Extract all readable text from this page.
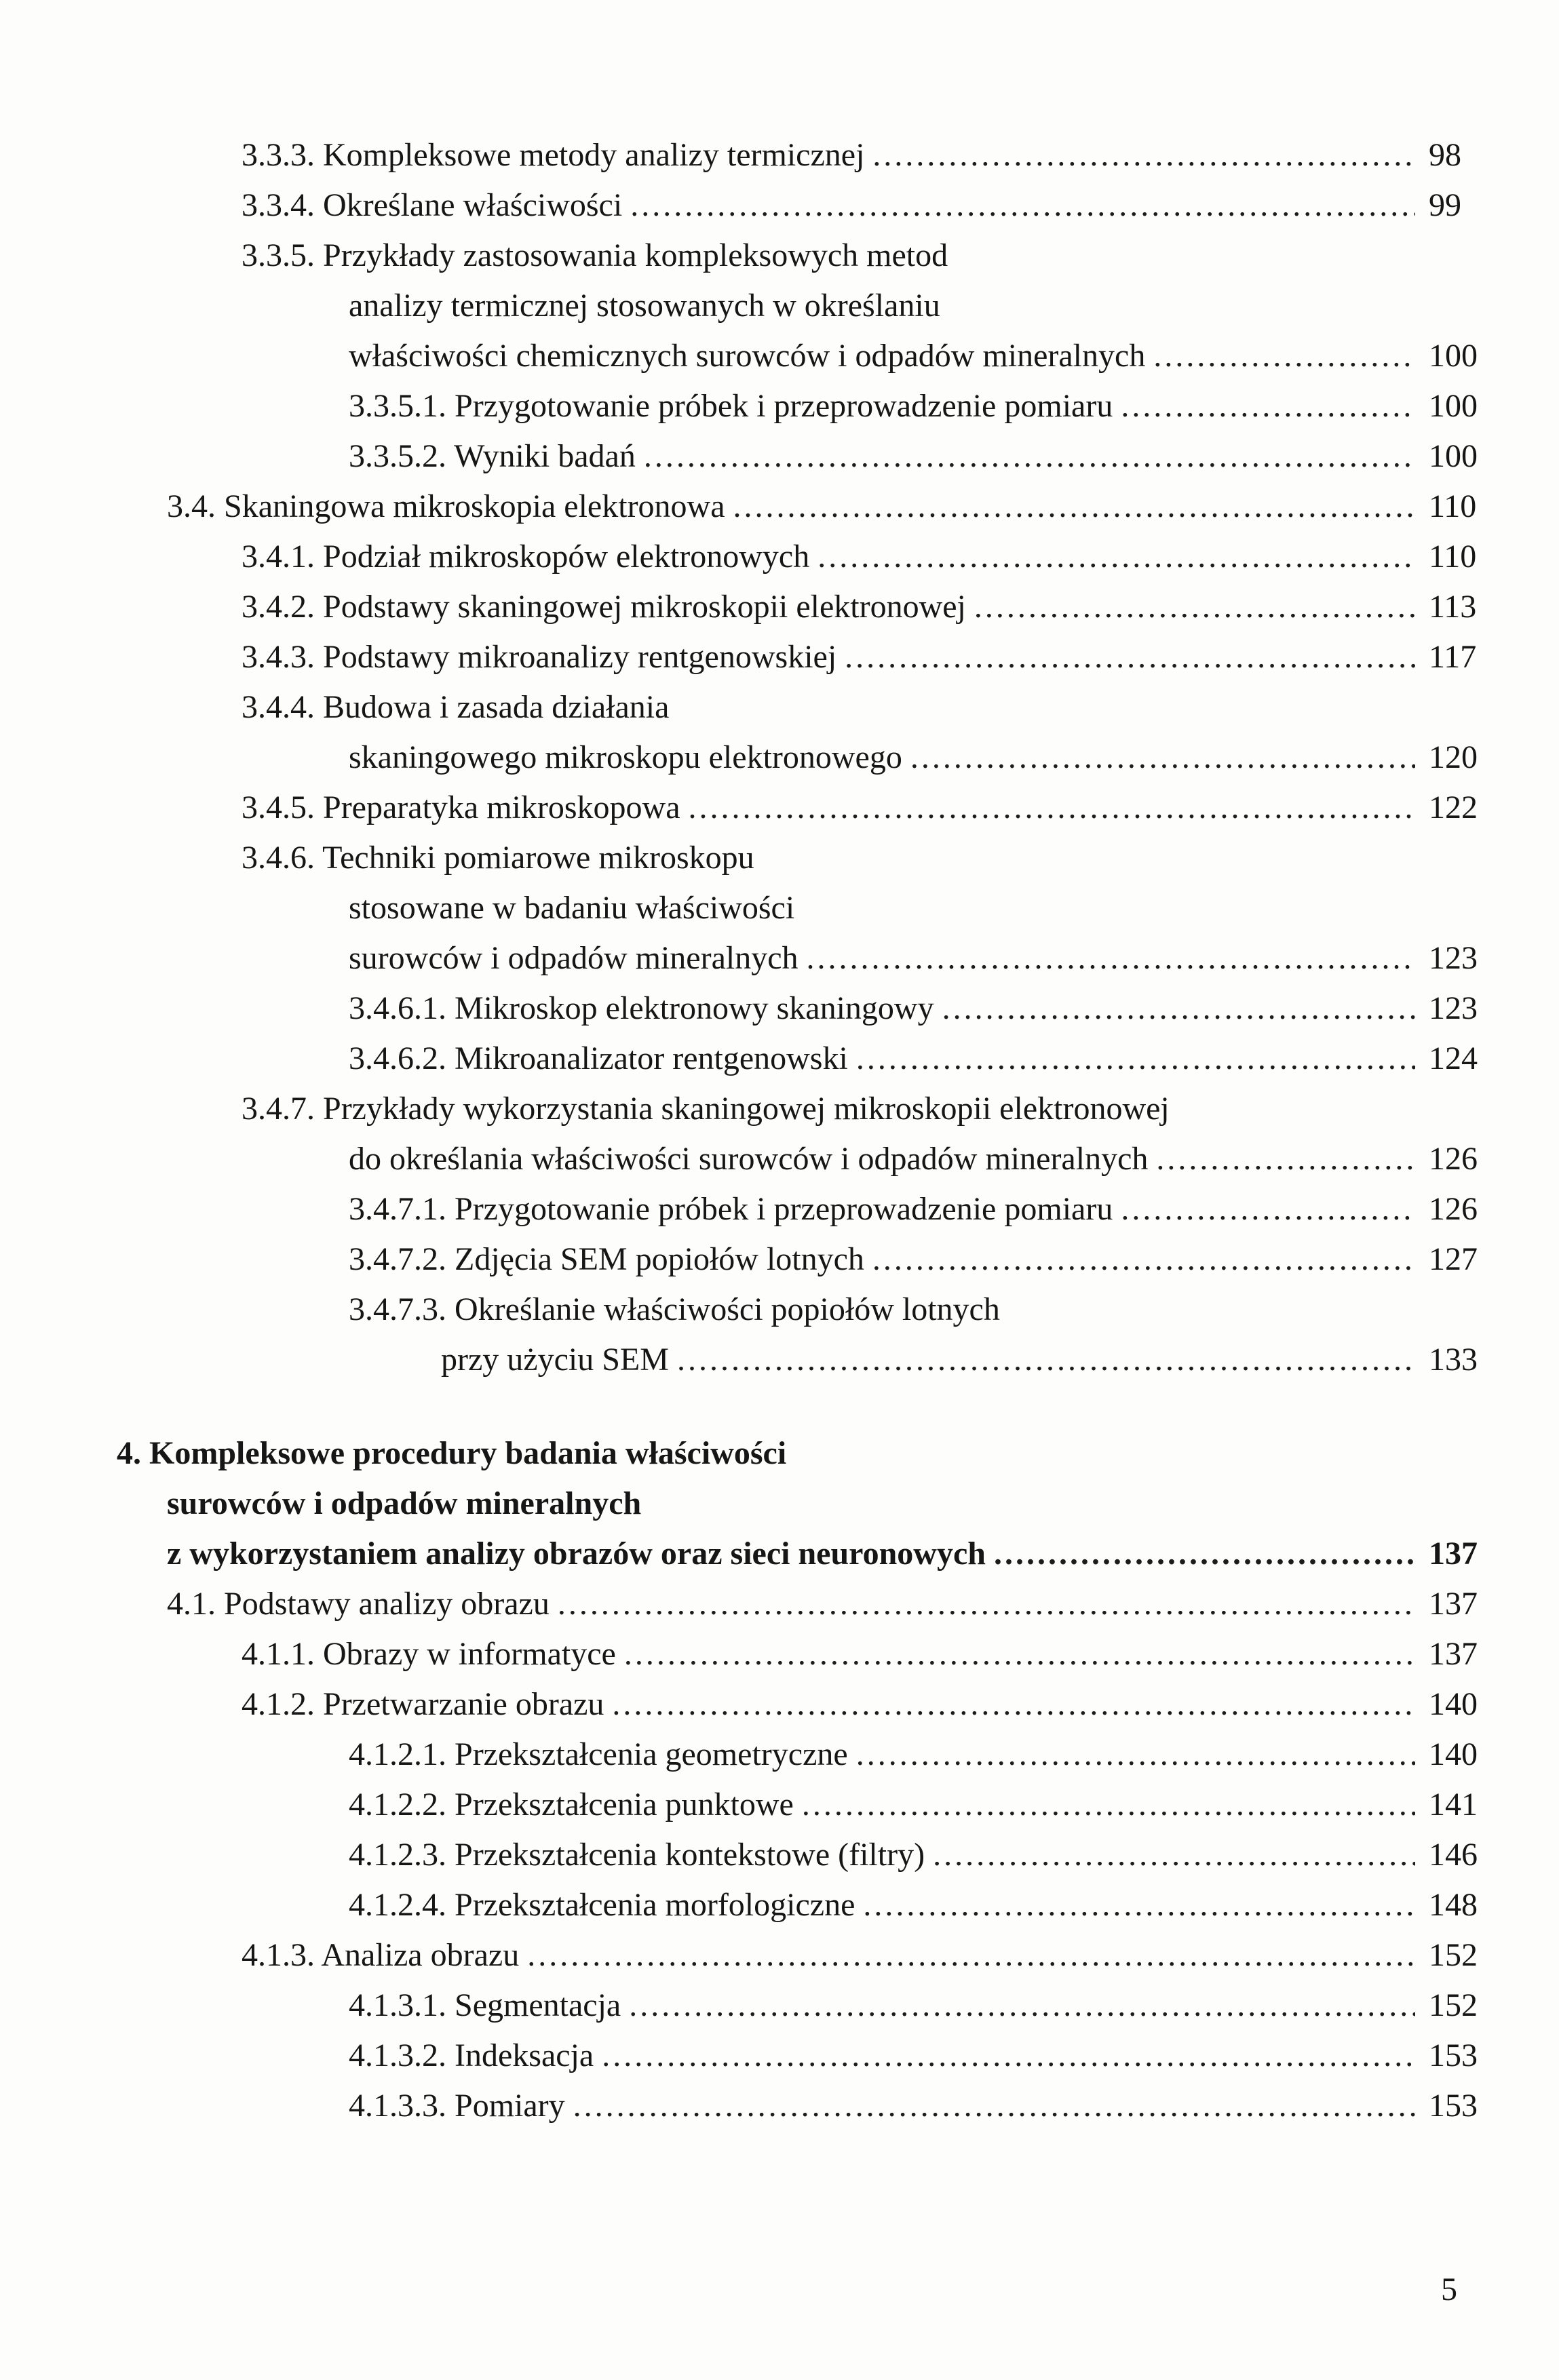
3.3.3. Kompleksowe metody analizy termicznej .....	98
3.3.4. Określane właściwości .....	99
3.3.5. Przykłady zastosowania kompleksowych metod
analizy termicznej stosowanych w określaniu
właściwości chemicznych surowców i odpadów mineralnych .....	100
3.3.5.1. Przygotowanie próbek i przeprowadzenie pomiaru .....	100
3.3.5.2. Wyniki badań .....	100
3.4. Skaningowa mikroskopia elektronowa .....	110
3.4.1. Podział mikroskopów elektronowych .....	110
3.4.2. Podstawy skaningowej mikroskopii elektronowej .....	113
3.4.3. Podstawy mikroanalizy rentgenowskiej .....	117
3.4.4. Budowa i zasada działania
skaningowego mikroskopu elektronowego .....	120
3.4.5. Preparatyka mikroskopowa .....	122
3.4.6. Techniki pomiarowe mikroskopu
stosowane w badaniu właściwości
surowców i odpadów mineralnych .....	123
3.4.6.1. Mikroskop elektronowy skaningowy .....	123
3.4.6.2. Mikroanalizator rentgenowski .....	124
3.4.7. Przykłady wykorzystania skaningowej mikroskopii elektronowej
do określania właściwości surowców i odpadów mineralnych .....	126
3.4.7.1. Przygotowanie próbek i przeprowadzenie pomiaru .....	126
3.4.7.2. Zdjęcia SEM popiołów lotnych .....	127
3.4.7.3. Określanie właściwości popiołów lotnych
przy użyciu SEM .....	133
4. Kompleksowe procedury badania właściwości
surowców i odpadów mineralnych
z wykorzystaniem analizy obrazów oraz sieci neuronowych .....	137
4.1. Podstawy analizy obrazu .....	137
4.1.1. Obrazy w informatyce .....	137
4.1.2. Przetwarzanie obrazu .....	140
4.1.2.1. Przekształcenia geometryczne .....	140
4.1.2.2. Przekształcenia punktowe .....	141
4.1.2.3. Przekształcenia kontekstowe (filtry) .....	146
4.1.2.4. Przekształcenia morfologiczne .....	148
4.1.3. Analiza obrazu .....	152
4.1.3.1. Segmentacja .....	152
4.1.3.2. Indeksacja .....	153
4.1.3.3. Pomiary .....	153
5
